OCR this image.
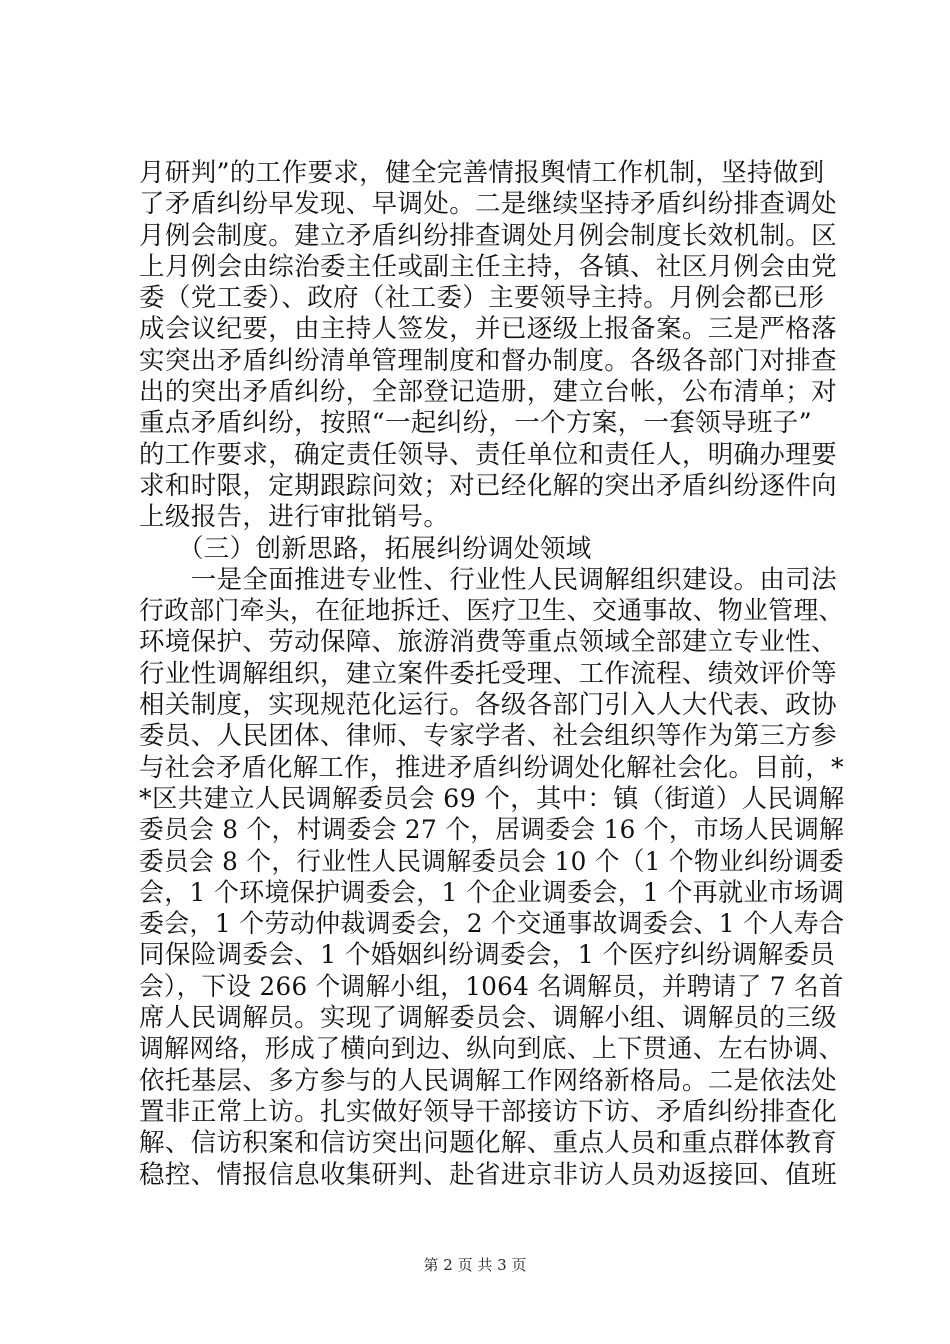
月研判”的工作要求，健全完善情报舆情工作机制，坚持做到
了矛盾纠纷早发现、早调处。二是继续坚持矛盾纠纷排查调处
月例会制度。建立矛盾纠纷排查调处月例会制度长效机制。区
上月例会由综治委主任或副主任主持，各镇、社区月例会由党
委（党工委）、政府（社工委）主要领导主持。月例会都已形
成会议纪要，由主持人签发，并已逐级上报备案。三是严格落
实突出矛盾纠纷清单管理制度和督办制度。各级各部门对排查
出的突出矛盾纠纷，全部登记造册，建立台帐，公布清单；对
重点矛盾纠纷，按照“一起纠纷，一个方案，一套领导班子”
的工作要求，确定责任领导、责任单位和责任人，明确办理要
求和时限，定期跟踪问效；对已经化解的突出矛盾纠纷逐件向
上级报告，进行审批销号。
　　（三）创新思路，拓展纠纷调处领域
　　一是全面推进专业性、行业性人民调解组织建设。由司法
行政部门牵头，在征地拆迁、医疗卫生、交通事故、物业管理、
环境保护、劳动保障、旅游消费等重点领域全部建立专业性、
行业性调解组织，建立案件委托受理、工作流程、绩效评价等
相关制度，实现规范化运行。各级各部门引入人大代表、政协
委员、人民团体、律师、专家学者、社会组织等作为第三方参
与社会矛盾化解工作，推进矛盾纠纷调处化解社会化。目前，*
*区共建立人民调解委员会 69 个，其中：镇（街道）人民调解
委员会 8 个，村调委会 27 个，居调委会 16 个，市场人民调解
委员会 8 个，行业性人民调解委员会 10 个（1 个物业纠纷调委
会，1 个环境保护调委会，1 个企业调委会，1 个再就业市场调
委会，1 个劳动仲裁调委会，2 个交通事故调委会、1 个人寿合
同保险调委会、1 个婚姻纠纷调委会，1 个医疗纠纷调解委员
会），下设 266 个调解小组，1064 名调解员，并聘请了 7 名首
席人民调解员。实现了调解委员会、调解小组、调解员的三级
调解网络，形成了横向到边、纵向到底、上下贯通、左右协调、
依托基层、多方参与的人民调解工作网络新格局。二是依法处
置非正常上访。扎实做好领导干部接访下访、矛盾纠纷排查化
解、信访积案和信访突出问题化解、重点人员和重点群体教育
稳控、情报信息收集研判、赴省进京非访人员劝返接回、值班
第 2 页 共 3 页
